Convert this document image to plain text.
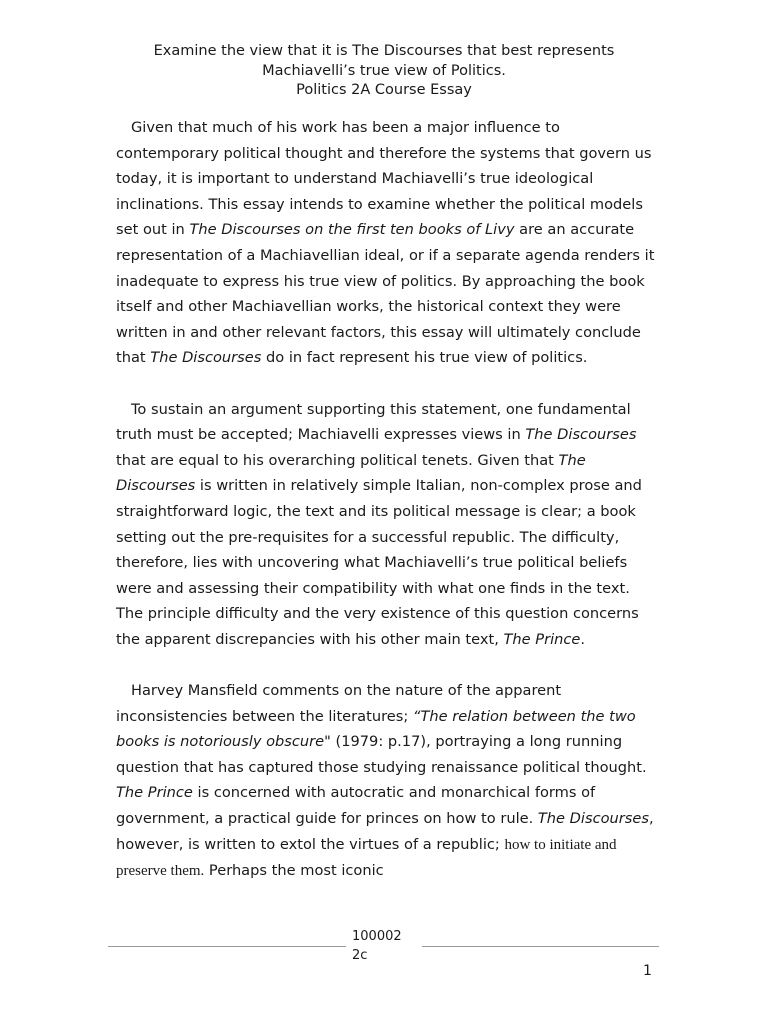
Examine the view that it is The Discourses that best represents
Machiavelli’s true view of Politics.
Politics 2A Course Essay

Given that much of his work has been a major influence to contemporary political thought and therefore the systems that govern us today, it is important to understand Machiavelli’s true ideological inclinations. This essay intends to examine whether the political models set out in The Discourses on the first ten books of Livy are an accurate representation of a Machiavellian ideal, or if a separate agenda renders it inadequate to express his true view of politics. By approaching the book itself and other Machiavellian works, the historical context they were written in and other relevant factors, this essay will ultimately conclude that The Discourses do in fact represent his true view of politics.

To sustain an argument supporting this statement, one fundamental truth must be accepted; Machiavelli expresses views in The Discourses that are equal to his overarching political tenets. Given that The Discourses is written in relatively simple Italian, non-complex prose and straightforward logic, the text and its political message is clear; a book setting out the pre-requisites for a successful republic. The difficulty, therefore, lies with uncovering what Machiavelli’s true political beliefs were and assessing their compatibility with what one finds in the text. The principle difficulty and the very existence of this question concerns the apparent discrepancies with his other main text, The Prince.

Harvey Mansfield comments on the nature of the apparent inconsistencies between the literatures; “The relation between the two books is notoriously obscure" (1979: p.17), portraying a long running question that has captured those studying renaissance political thought. The Prince is concerned with autocratic and monarchical forms of government, a practical guide for princes on how to rule. The Discourses, however, is written to extol the virtues of a republic; how to initiate and preserve them. Perhaps the most iconic

100002
2c
1
